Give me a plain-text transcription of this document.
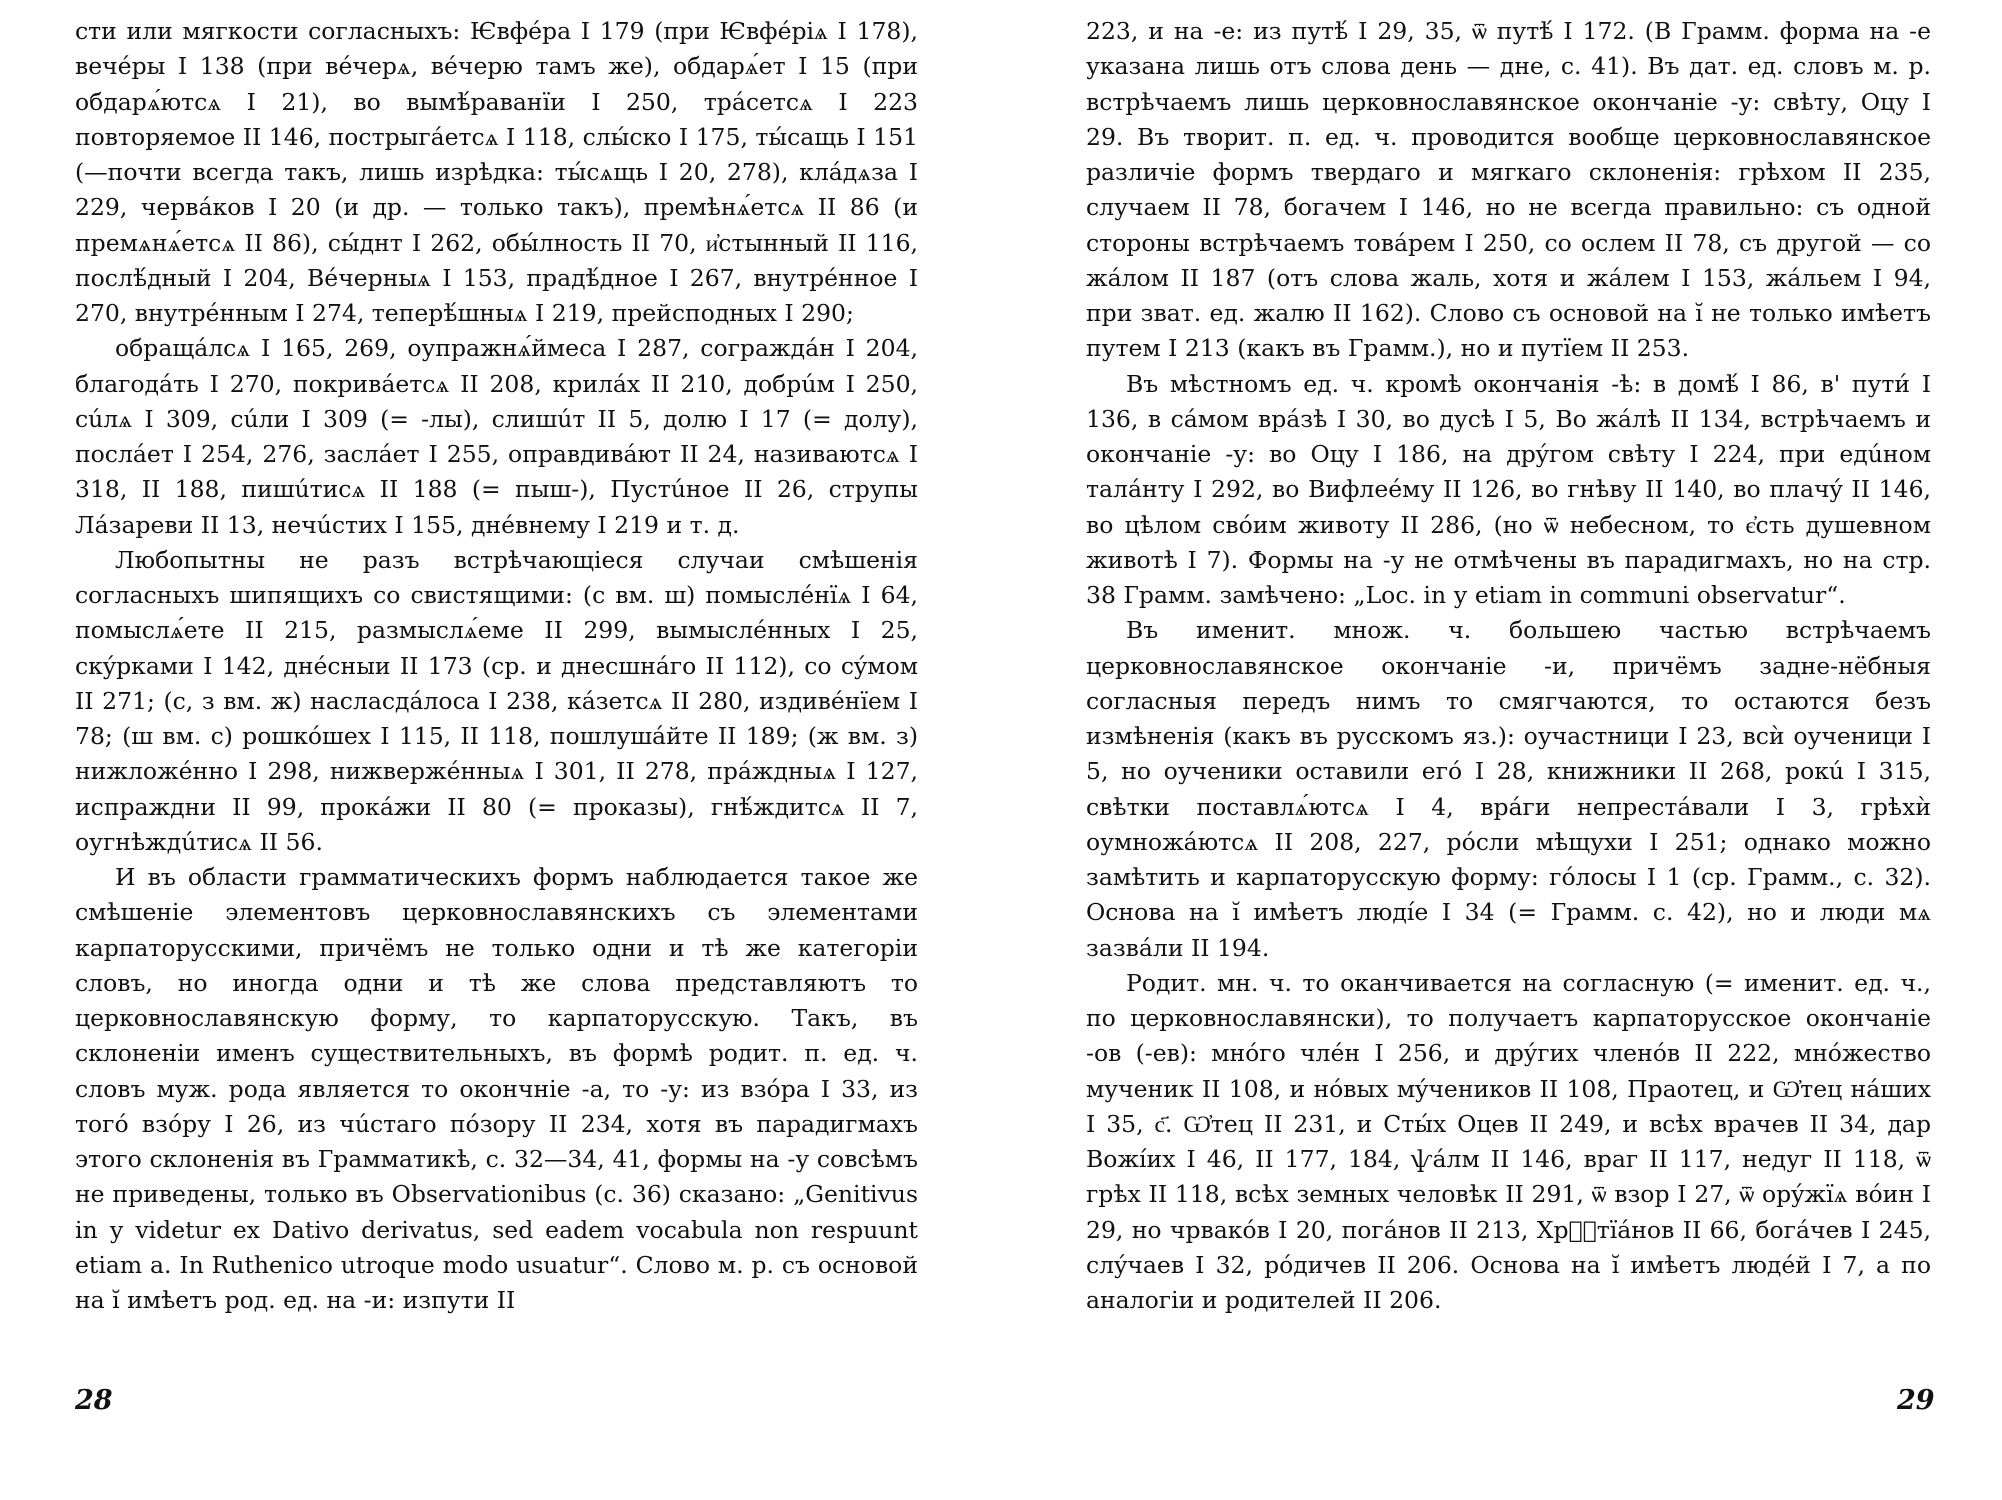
сти или мягкости согласныхъ: Ѥвфе́ра I 179 (при Ѥвфе́ріѧ I 178), вече́ры I 138 (при ве́черѧ, ве́черю тамъ же), обдарѧ́ет I 15 (при обдарѧ́ютсѧ I 21), во вымѣ́раванїи I 250, тра́сетсѧ I 223 повторяемое II 146, пострыга́етсѧ I 118, слы́ско I 175, ты́сащь I 151 (—почти всегда такъ, лишь изрѣдка: ты́сѧщь I 20, 278), кла́дѧза I 229, черва́ков I 20 (и др. — только такъ), премѣнѧ́етсѧ II 86 (и премѧнѧ́етсѧ II 86), сы́днт I 262, обы́лность II 70, и҆стынный II 116, послѣ́дный I 204, Ве́черныѧ I 153, прадѣ́дное I 267, внутре́нное I 270, внутре́нным I 274, теперѣ́шныѧ I 219, прейсподных I 290;

обращáлсѧ I 165, 269, оупражнѧ́ймеса I 287, сограждáн I 204, благодáть I 270, покривáетсѧ II 208, крилáх II 210, добрúм I 250, сúлѧ I 309, сúли I 309 (= -лы), слишúт II 5, долю I 17 (= долу), послáет I 254, 276, заслáет I 255, оправдивáют II 24, називаютсѧ I 318, II 188, пишúтисѧ II 188 (= пыш-), Пустúное II 26, струпы Лáзареви II 13, нечúстих I 155, днéвнему I 219 и т. д.

Любопытны не разъ встрѣчающіеся случаи смѣшенія согласныхъ шипящихъ со свистящими: (с вм. ш) помыслéнїѧ I 64, помыслѧ́ете II 215, размыслѧ́еме II 299, вымыслéнных I 25, скýрками I 142, днéсныи II 173 (ср. и днесшнáго II 112), со сýмом II 271; (с, з вм. ж) насласдáлоса I 238, кáзетсѧ II 280, издивéнїем I 78; (ш вм. с) рошкóшех I 115, II 118, пошлушáйте II 189; (ж вм. з) нижложéнно I 298, нижвержéнныѧ I 301, II 278, прáждныѧ I 127, испраждни II 99, прокáжи II 80 (= проказы), гнѣ́ждитсѧ II 7, оугнѣждúтисѧ II 56.

И въ области грамматическихъ формъ наблюдается такое же смѣшеніе элементовъ церковнославянскихъ съ элементами карпаторусскими, причёмъ не только одни и тѣ же категоріи словъ, но иногда одни и тѣ же слова представляютъ то церковнославянскую форму, то карпаторусскую. Такъ, въ склоненіи именъ существительныхъ, въ формѣ родит. п. ед. ч. словъ муж. рода является то окончніе -а, то -у: из взóра I 33, из тогó взóру I 26, из чúстаго пóзору II 234, хотя въ парадигмахъ этого склоненія въ Грамматикѣ, с. 32—34, 41, формы на -у совсѣмъ не приведены, только въ Observationibus (с. 36) сказано: „Genitivus in у videtur ex Dativo derivatus, sed eadem vocabula non respuunt etiam а. In Ruthenico utroque modo usuatur“. Слово м. р. съ основой на ĭ имѣетъ род. ед. на -и: изпути II

28

223, и на -е: из путѣ́ I 29, 35, ѿ путѣ́ I 172. (В Грамм. форма на -е указана лишь отъ слова день — дне, с. 41). Въ дат. ед. словъ м. р. встрѣчаемъ лишь церковнославянское окончаніе -у: свѣту, Оцу I 29. Въ творит. п. ед. ч. проводится вообще церковнославянское различіе формъ твердаго и мягкаго склоненія: грѣхом II 235, случаем II 78, богачем I 146, но не всегда правильно: съ одной стороны встрѣчаемъ товáрем I 250, со ослем II 78, съ другой — со жáлом II 187 (отъ слова жаль, хотя и жáлем I 153, жáльем I 94, при зват. ед. жалю II 162). Слово съ основой на ĭ не только имѣетъ путем I 213 (какъ въ Грамм.), но и путїем II 253.

Въ мѣстномъ ед. ч. кромѣ окончанія -ѣ: в домѣ́ I 86, в' пути́ I 136, в сáмом врáзѣ I 30, во дусѣ I 5, Во жáлѣ II 134, встрѣчаемъ и окончаніе -у: во Оцу I 186, на дрýгом свѣту I 224, при едúном талáнту I 292, во Вифлеéму II 126, во гнѣву II 140, во плачý II 146, во цѣлом свóим животу II 286, (но ѿ небесном, то є҆сть душевном животѣ I 7). Формы на -у не отмѣчены въ парадигмахъ, но на стр. 38 Грамм. замѣчено: „Loc. in у etiam in communi observatur“.

Въ именит. множ. ч. большею частью встрѣчаемъ церковнославянское окончаніе -и, причёмъ задне-нёбныя согласныя передъ нимъ то смягчаются, то остаются безъ измѣненія (какъ въ русскомъ яз.): оучастници I 23, всѝ оученици I 5, но оученики оставили егó I 28, книжники II 268, рокú I 315, свѣтки поставлѧ́ютсѧ I 4, врáги непрестáвали I 3, грѣхѝ оумножáютсѧ II 208, 227, рóсли мѣщухи I 251; однако можно замѣтить и карпаторусскую форму: гóлосы I 1 (ср. Грамм., с. 32). Основа на ĭ имѣетъ люді́е I 34 (= Грамм. с. 42), но и люди мѧ зазвáли II 194.

Родит. мн. ч. то оканчивается на согласную (= именит. ед. ч., по церковнославянски), то получаетъ карпаторусское окончаніе -ов (-ев): мнóго члéн I 256, и дрýгих членóв II 222, мнóжество мученик II 108, и нóвых мýчеников II 108, Праотец, и Ѡ҆тец нáших I 35, с҃. Ѡ҆тец II 231, и Сты́х Оцев II 249, и всѣх врачев II 34, дар Вожíих I 46, II 177, 184, ѱáлм II 146, враг II 117, недуг II 118, ѿ грѣх II 118, всѣх земных человѣк II 291, ѿ взор I 27, ѿ орýжїѧ вóин I 29, но чрвакóв I 20, погáнов II 213, Хрⷭ҇тїáнов II 66, богáчев I 245, слýчаев I 32, рóдичев II 206. Основа на ĭ имѣетъ людéй I 7, а по аналогіи и родителей II 206.

29
